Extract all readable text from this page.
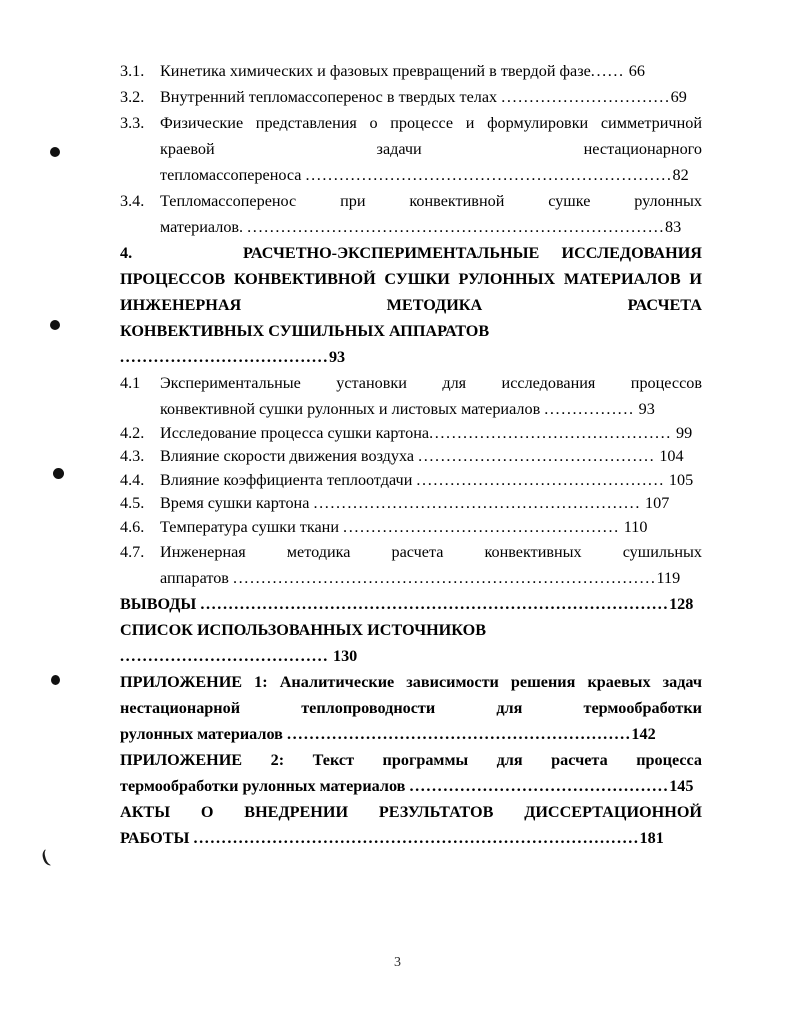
(
3.1. Кинетика химических и фазовых превращений в твердой фазе...... 66
3.2. Внутренний тепломассоперенос в твердых телах ..............................69
3.3. Физические представления о процессе и формулировки симметричной краевой задачи нестационарного
тепломассопереноса .................................................................82
3.4. Тепломассоперенос при конвективной сушке рулонных
материалов. ..........................................................................83
4.	РАСЧЕТНО-ЭКСПЕРИМЕНТАЛЬНЫЕ ИССЛЕДОВАНИЯ ПРОЦЕССОВ КОНВЕКТИВНОЙ СУШКИ РУЛОННЫХ МАТЕРИАЛОВ И ИНЖЕНЕРНАЯ МЕТОДИКА РАСЧЕТА
КОНВЕКТИВНЫХ СУШИЛЬНЫХ АППАРАТОВ .....................................93
4.1 Экспериментальные установки для исследования процессов
конвективной сушки рулонных и листовых материалов ................ 93
4.2. Исследование процесса сушки картона........................................... 99
4.3. Влияние скорости движения воздуха .......................................... 104
4.4. Влияние коэффициента теплоотдачи ............................................ 105
4.5. Время сушки картона .......................................................... 107
4.6. Температура сушки ткани ................................................. 110
4.7. Инженерная методика расчета конвективных сушильных
аппаратов ...........................................................................119
ВЫВОДЫ ...................................................................................128
СПИСОК ИСПОЛЬЗОВАННЫХ ИСТОЧНИКОВ ..................................... 130
ПРИЛОЖЕНИЕ 1: Аналитические зависимости решения краевых задач нестационарной теплопроводности для термообработки
рулонных материалов .............................................................142
ПРИЛОЖЕНИЕ 2: Текст программы для расчета процесса
термообработки рулонных материалов ..............................................145
АКТЫ О ВНЕДРЕНИИ РЕЗУЛЬТАТОВ ДИССЕРТАЦИОННОЙ
РАБОТЫ ...............................................................................181
3
